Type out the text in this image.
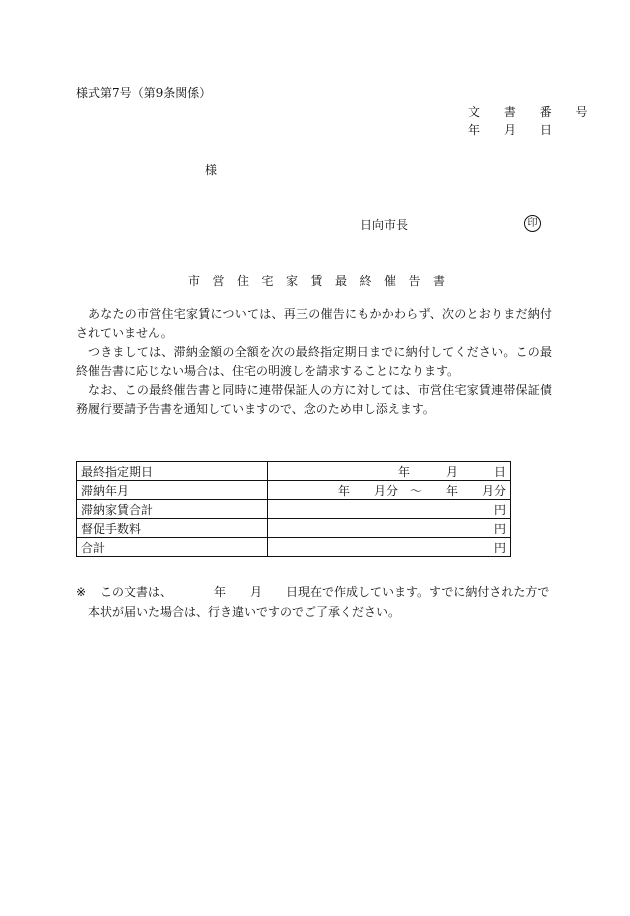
様式第7号（第9条関係）
文 書 番 号
年 月 日
様
日向市長	印
市営住宅家賃最終催告書

あなたの市営住宅家賃については、再三の催告にもかかわらず、次のとおりまだ納付されていません。

つきましては、滞納金額の全額を次の最終指定期日までに納付してください。この最終催告書に応じない場合は、住宅の明渡しを請求することになります。

なお、この最終催告書と同時に連帯保証人の方に対しては、市営住宅家賃連帯保証債務履行要請予告書を通知していますので、念のため申し添えます。

最終指定期日	年　　　月　　　日
滞納年月	年　　月分　～　　年　　月分
滞納家賃合計	円
督促手数料	円
合計	円
※ この文書は、　　　　年　　月　　日現在で作成しています。すでに納付された方で
本状が届いた場合は、行き違いですのでご了承ください。
